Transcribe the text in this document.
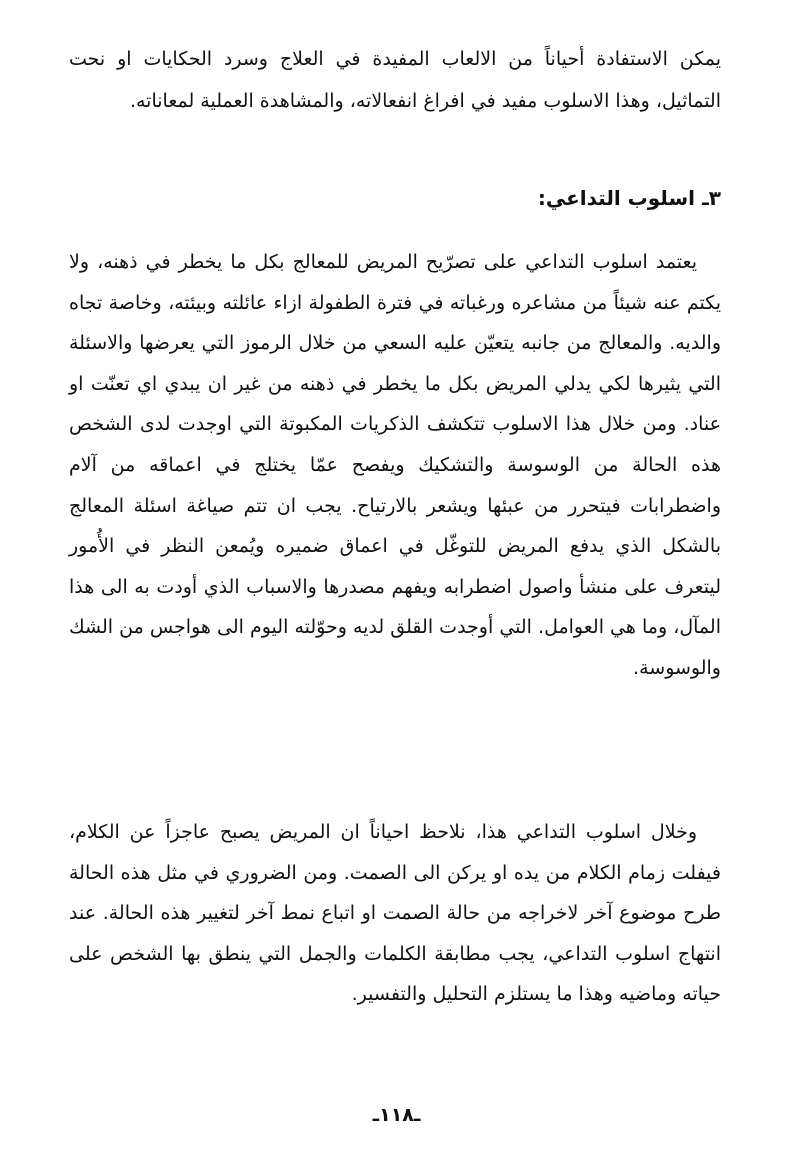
يمكن الاستفادة أحياناً من الالعاب المفيدة في العلاج وسرد الحكايات او نحت التماثيل، وهذا الاسلوب مفيد في افراغ انفعالاته، والمشاهدة العملية لمعاناته.

٣ـ اسلوب التداعي:

يعتمد اسلوب التداعي على تصرّيح المريض للمعالج بكل ما يخطر في ذهنه، ولا يكتم عنه شيئاً من مشاعره ورغباته في فترة الطفولة ازاء عائلته وبيئته، وخاصة تجاه والديه. والمعالج من جانبه يتعيّن عليه السعي من خلال الرموز التي يعرضها والاسئلة التي يثيرها لكي يدلي المريض بكل ما يخطر في ذهنه من غير ان يبدي اي تعنّت او عناد. ومن خلال هذا الاسلوب تتكشف الذكريات المكبوتة التي اوجدت لدى الشخص هذه الحالة من الوسوسة والتشكيك ويفصح عمّا يختلج في اعماقه من آلام واضطرابات فيتحرر من عبئها ويشعر بالارتياح. يجب ان تتم صياغة اسئلة المعالج بالشكل الذي يدفع المريض للتوغّل في اعماق ضميره ويُمعن النظر في الأُمور ليتعرف على منشأ واصول اضطرابه ويفهم مصدرها والاسباب الذي أودت به الى هذا المآل، وما هي العوامل. التي أوجدت القلق لديه وحوّلته اليوم الى هواجس من الشك والوسوسة.

وخلال اسلوب التداعي هذا، نلاحظ احياناً ان المريض يصبح عاجزاً عن الكلام، فيفلت زمام الكلام من يده او يركن الى الصمت. ومن الضروري في مثل هذه الحالة طرح موضوع آخر لاخراجه من حالة الصمت او اتباع نمط آخر لتغيير هذه الحالة. عند انتهاج اسلوب التداعي، يجب مطابقة الكلمات والجمل التي ينطق بها الشخص على حياته وماضيه وهذا ما يستلزم التحليل والتفسير.

ـ١١٨ـ
